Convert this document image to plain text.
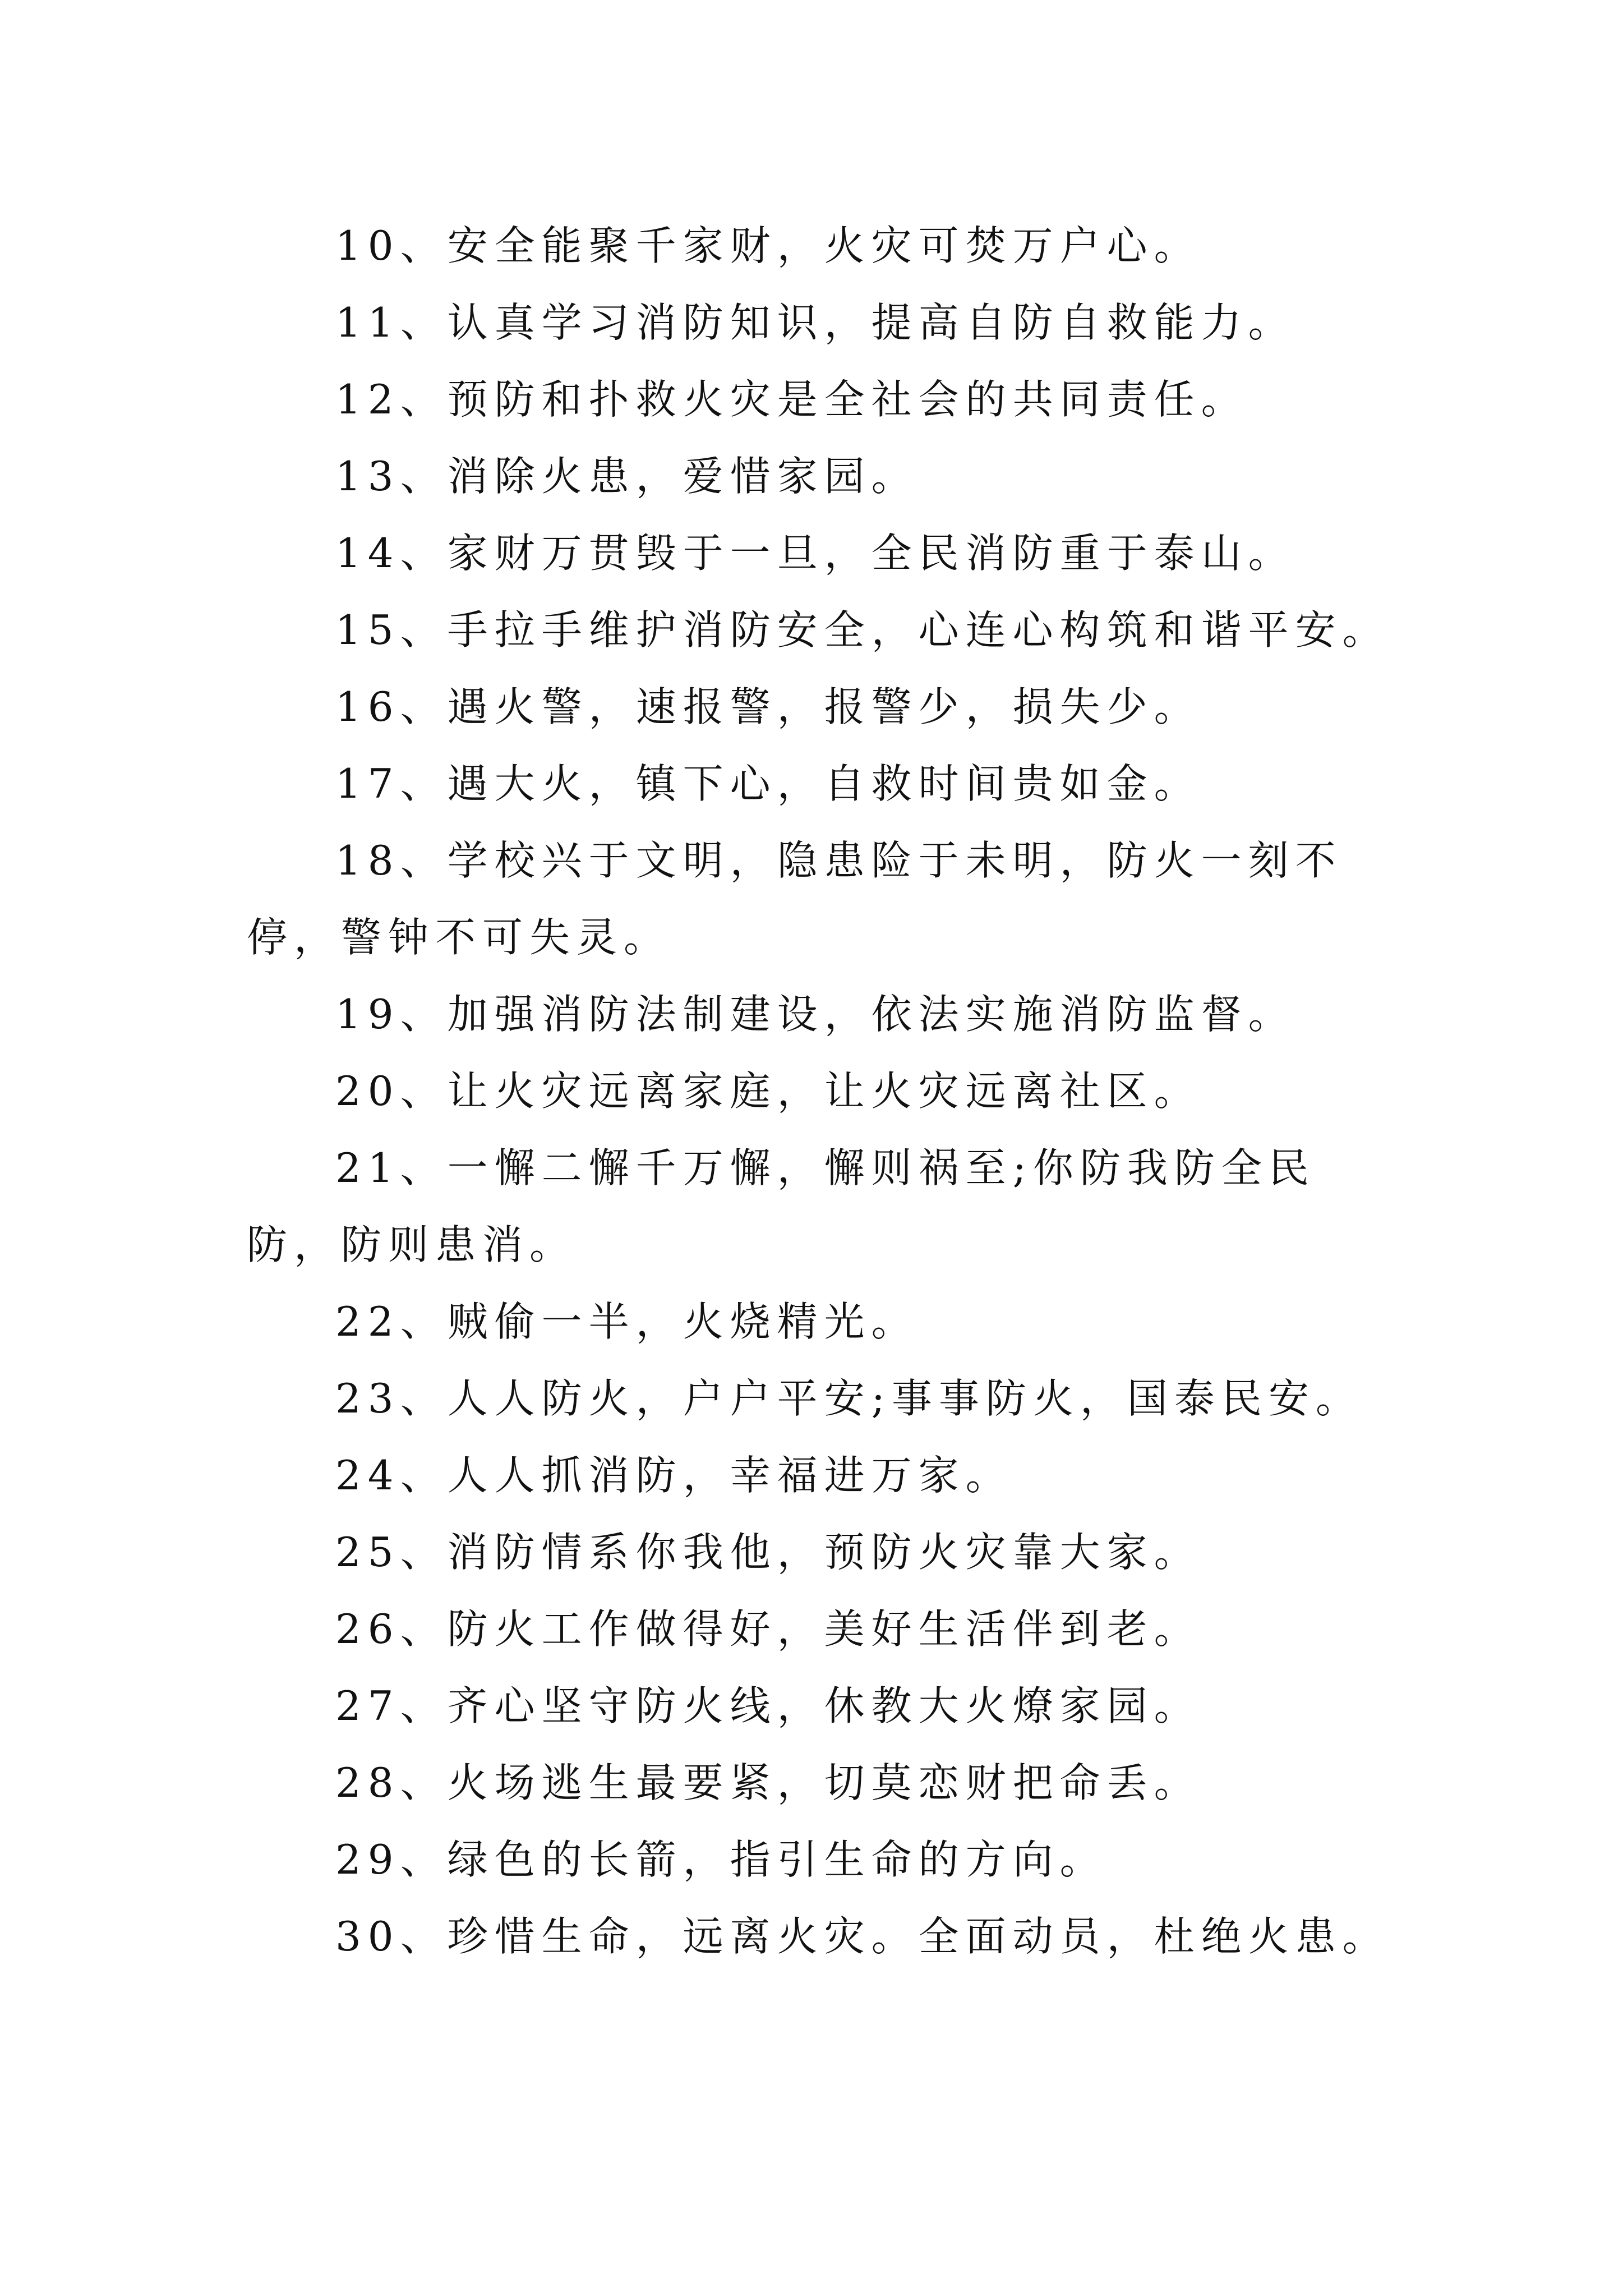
10、安全能聚千家财，火灾可焚万户心。

11、认真学习消防知识，提高自防自救能力。

12、预防和扑救火灾是全社会的共同责任。

13、消除火患，爱惜家园。

14、家财万贯毁于一旦，全民消防重于泰山。

15、手拉手维护消防安全，心连心构筑和谐平安。

16、遇火警，速报警，报警少，损失少。

17、遇大火，镇下心，自救时间贵如金。

18、学校兴于文明，隐患险于未明，防火一刻不停，警钟不可失灵。

19、加强消防法制建设，依法实施消防监督。

20、让火灾远离家庭，让火灾远离社区。

21、一懈二懈千万懈，懈则祸至;你防我防全民防，防则患消。

22、贼偷一半，火烧精光。

23、人人防火，户户平安;事事防火，国泰民安。

24、人人抓消防，幸福进万家。

25、消防情系你我他，预防火灾靠大家。

26、防火工作做得好，美好生活伴到老。

27、齐心坚守防火线，休教大火燎家园。

28、火场逃生最要紧，切莫恋财把命丢。

29、绿色的长箭，指引生命的方向。

30、珍惜生命，远离火灾。全面动员，杜绝火患。
